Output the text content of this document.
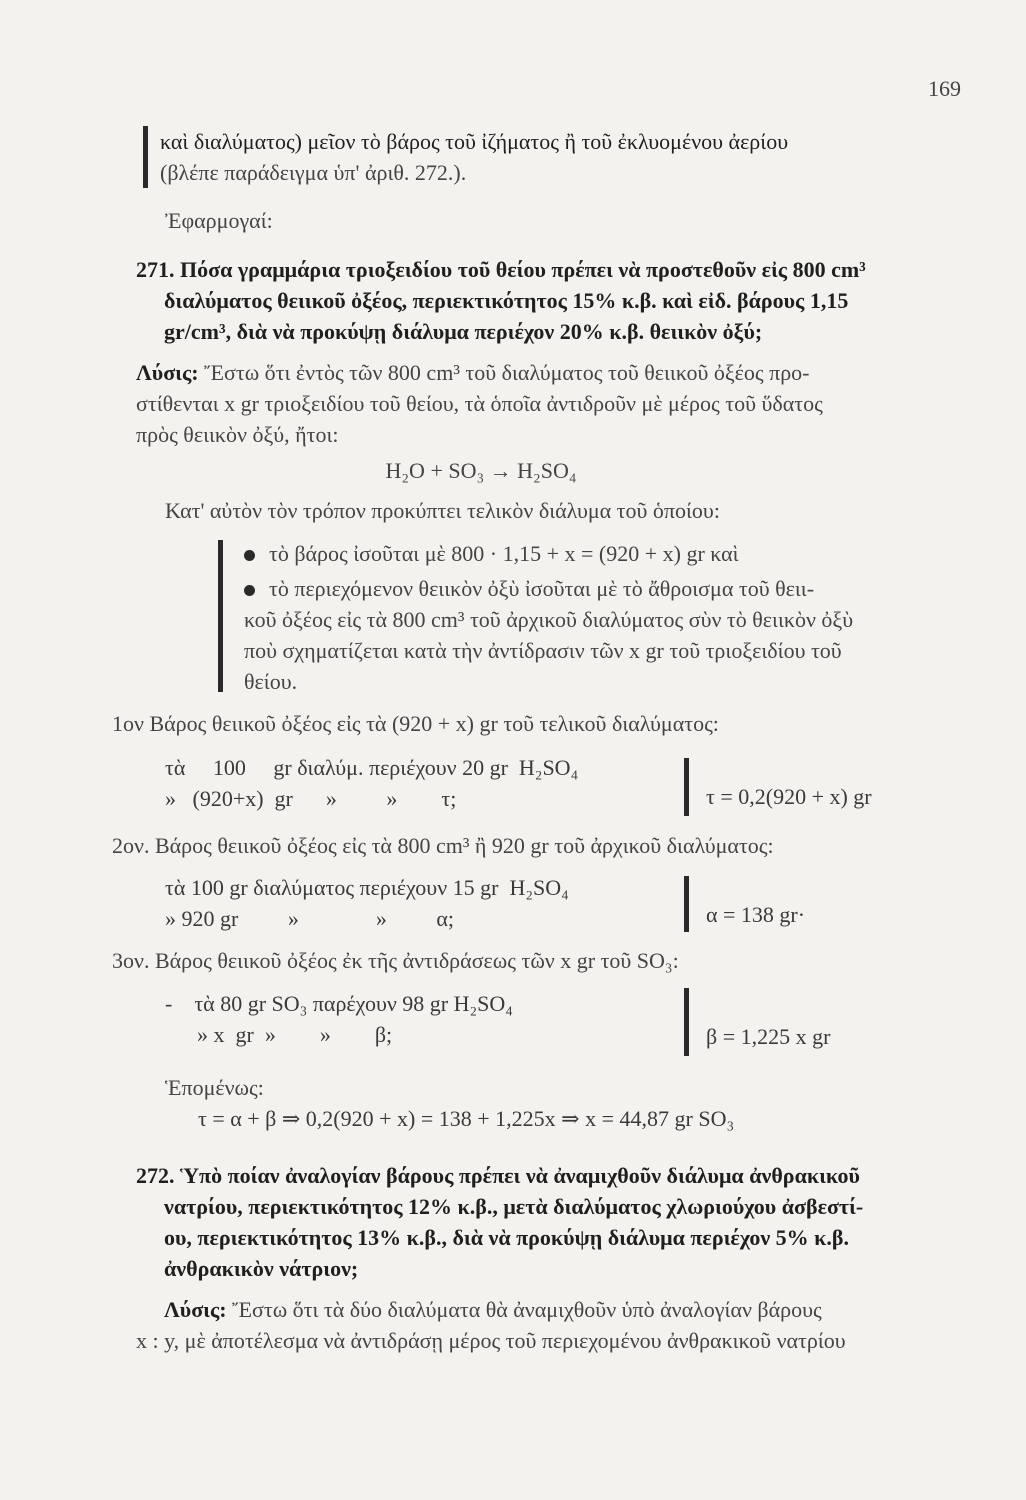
169
καὶ διαλύματος) μεῖον τὸ βάρος τοῦ ἰζήματος ἢ τοῦ ἐκλυομένου ἀερίου
(βλέπε παράδειγμα ὑπ' ἀριθ. 272.).
Ἐφαρμογαί:
271. Πόσα γραμμάρια τριοξειδίου τοῦ θείου πρέπει νὰ προστεθοῦν εἰς 800 cm³
διαλύματος θειικοῦ ὀξέος, περιεκτικότητος 15% κ.β. καὶ εἰδ. βάρους 1,15
gr/cm³, διὰ νὰ προκύψῃ διάλυμα περιέχον 20% κ.β. θειικὸν ὀξύ;
Λύσις: Ἔστω ὅτι ἐντὸς τῶν 800 cm³ τοῦ διαλύματος τοῦ θειικοῦ ὀξέος προ-
στίθενται x gr τριοξειδίου τοῦ θείου, τὰ ὁποῖα ἀντιδροῦν μὲ μέρος τοῦ ὕδατος
πρὸς θειικὸν ὀξύ, ἤτοι:
H₂O + SO₃ → H₂SO₄
Κατ' αὐτὸν τὸν τρόπον προκύπτει τελικὸν διάλυμα τοῦ ὁποίου:
τὸ βάρος ἰσοῦται μὲ 800 · 1,15 + x = (920 + x) gr καὶ
τὸ περιεχόμενον θειικὸν ὀξὺ ἰσοῦται μὲ τὸ ἄθροισμα τοῦ θειι-
κοῦ ὀξέος εἰς τὰ 800 cm³ τοῦ ἀρχικοῦ διαλύματος σὺν τὸ θειικὸν ὀξὺ
ποὺ σχηματίζεται κατὰ τὴν ἀντίδρασιν τῶν x gr τοῦ τριοξειδίου τοῦ
θείου.
1ον Βάρος θειικοῦ ὀξέος εἰς τὰ (920 + x) gr τοῦ τελικοῦ διαλύματος:
τὰ     100     gr διαλύμ. περιέχουν 20 gr  H₂SO₄
»   (920+x)  gr      »         »        τ;	τ = 0,2(920 + x) gr
2ον. Βάρος θειικοῦ ὀξέος εἰς τὰ 800 cm³ ἢ 920 gr τοῦ ἀρχικοῦ διαλύματος:
τὰ 100 gr διαλύματος περιέχουν 15 gr  H₂SO₄
» 920 gr         »              »         α;	α = 138 gr·
3ον. Βάρος θειικοῦ ὀξέος ἐκ τῆς ἀντιδράσεως τῶν x gr τοῦ SO₃:
- τὰ 80 gr SO₃ παρέχουν 98 gr H₂SO₄
» x  gr  »        »        β;	β = 1,225 x gr
Ἑπομένως:
τ = α + β ⇒ 0,2(920 + x) = 138 + 1,225x ⇒ x = 44,87 gr SO₃
272. Ὑπὸ ποίαν ἀναλογίαν βάρους πρέπει νὰ ἀναμιχθοῦν διάλυμα ἀνθρακικοῦ
νατρίου, περιεκτικότητος 12% κ.β., μετὰ διαλύματος χλωριούχου ἀσβεστί-
ου, περιεκτικότητος 13% κ.β., διὰ νὰ προκύψῃ διάλυμα περιέχον 5% κ.β.
ἀνθρακικὸν νάτριον;
Λύσις: Ἔστω ὅτι τὰ δύο διαλύματα θὰ ἀναμιχθοῦν ὑπὸ ἀναλογίαν βάρους
x : y, μὲ ἀποτέλεσμα νὰ ἀντιδράσῃ μέρος τοῦ περιεχομένου ἀνθρακικοῦ νατρίου
